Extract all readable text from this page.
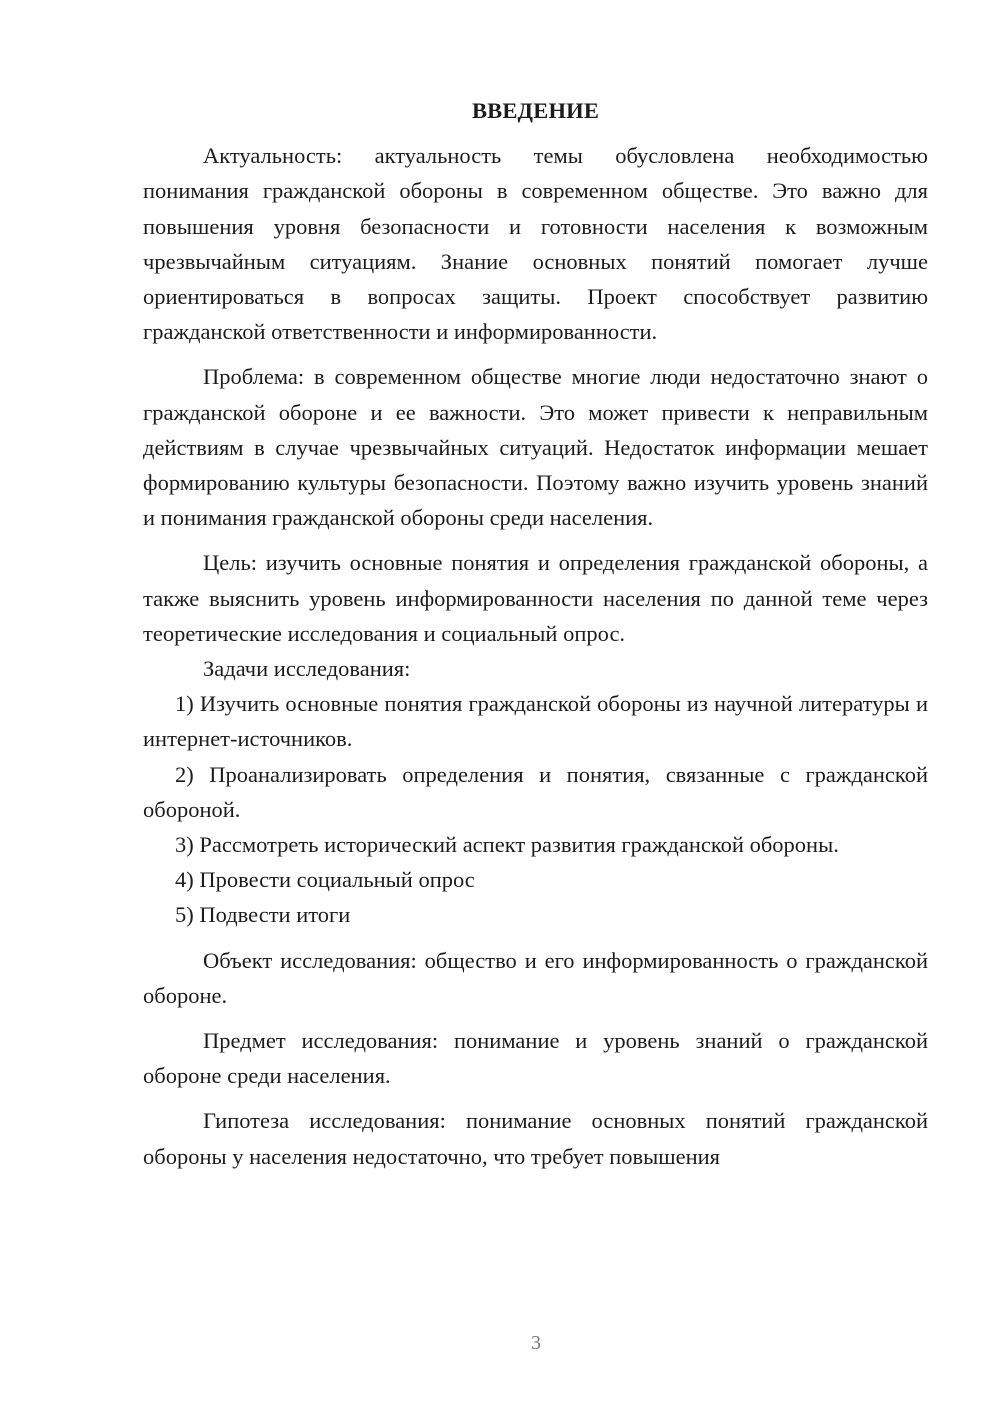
ВВЕДЕНИЕ

Актуальность: актуальность темы обусловлена необходимостью понимания гражданской обороны в современном обществе. Это важно для повышения уровня безопасности и готовности населения к возможным чрезвычайным ситуациям. Знание основных понятий помогает лучше ориентироваться в вопросах защиты. Проект способствует развитию гражданской ответственности и информированности.

Проблема: в современном обществе многие люди недостаточно знают о гражданской обороне и ее важности. Это может привести к неправильным действиям в случае чрезвычайных ситуаций. Недостаток информации мешает формированию культуры безопасности. Поэтому важно изучить уровень знаний и понимания гражданской обороны среди населения.

Цель: изучить основные понятия и определения гражданской обороны, а также выяснить уровень информированности населения по данной теме через теоретические исследования и социальный опрос.

Задачи исследования:

1) Изучить основные понятия гражданской обороны из научной литературы и интернет-источников.

2) Проанализировать определения и понятия, связанные с гражданской обороной.

3) Рассмотреть исторический аспект развития гражданской обороны.

4) Провести социальный опрос

5) Подвести итоги

Объект исследования: общество и его информированность о гражданской обороне.

Предмет исследования: понимание и уровень знаний о гражданской обороне среди населения.

Гипотеза исследования: понимание основных понятий гражданской обороны у населения недостаточно, что требует повышения

3
